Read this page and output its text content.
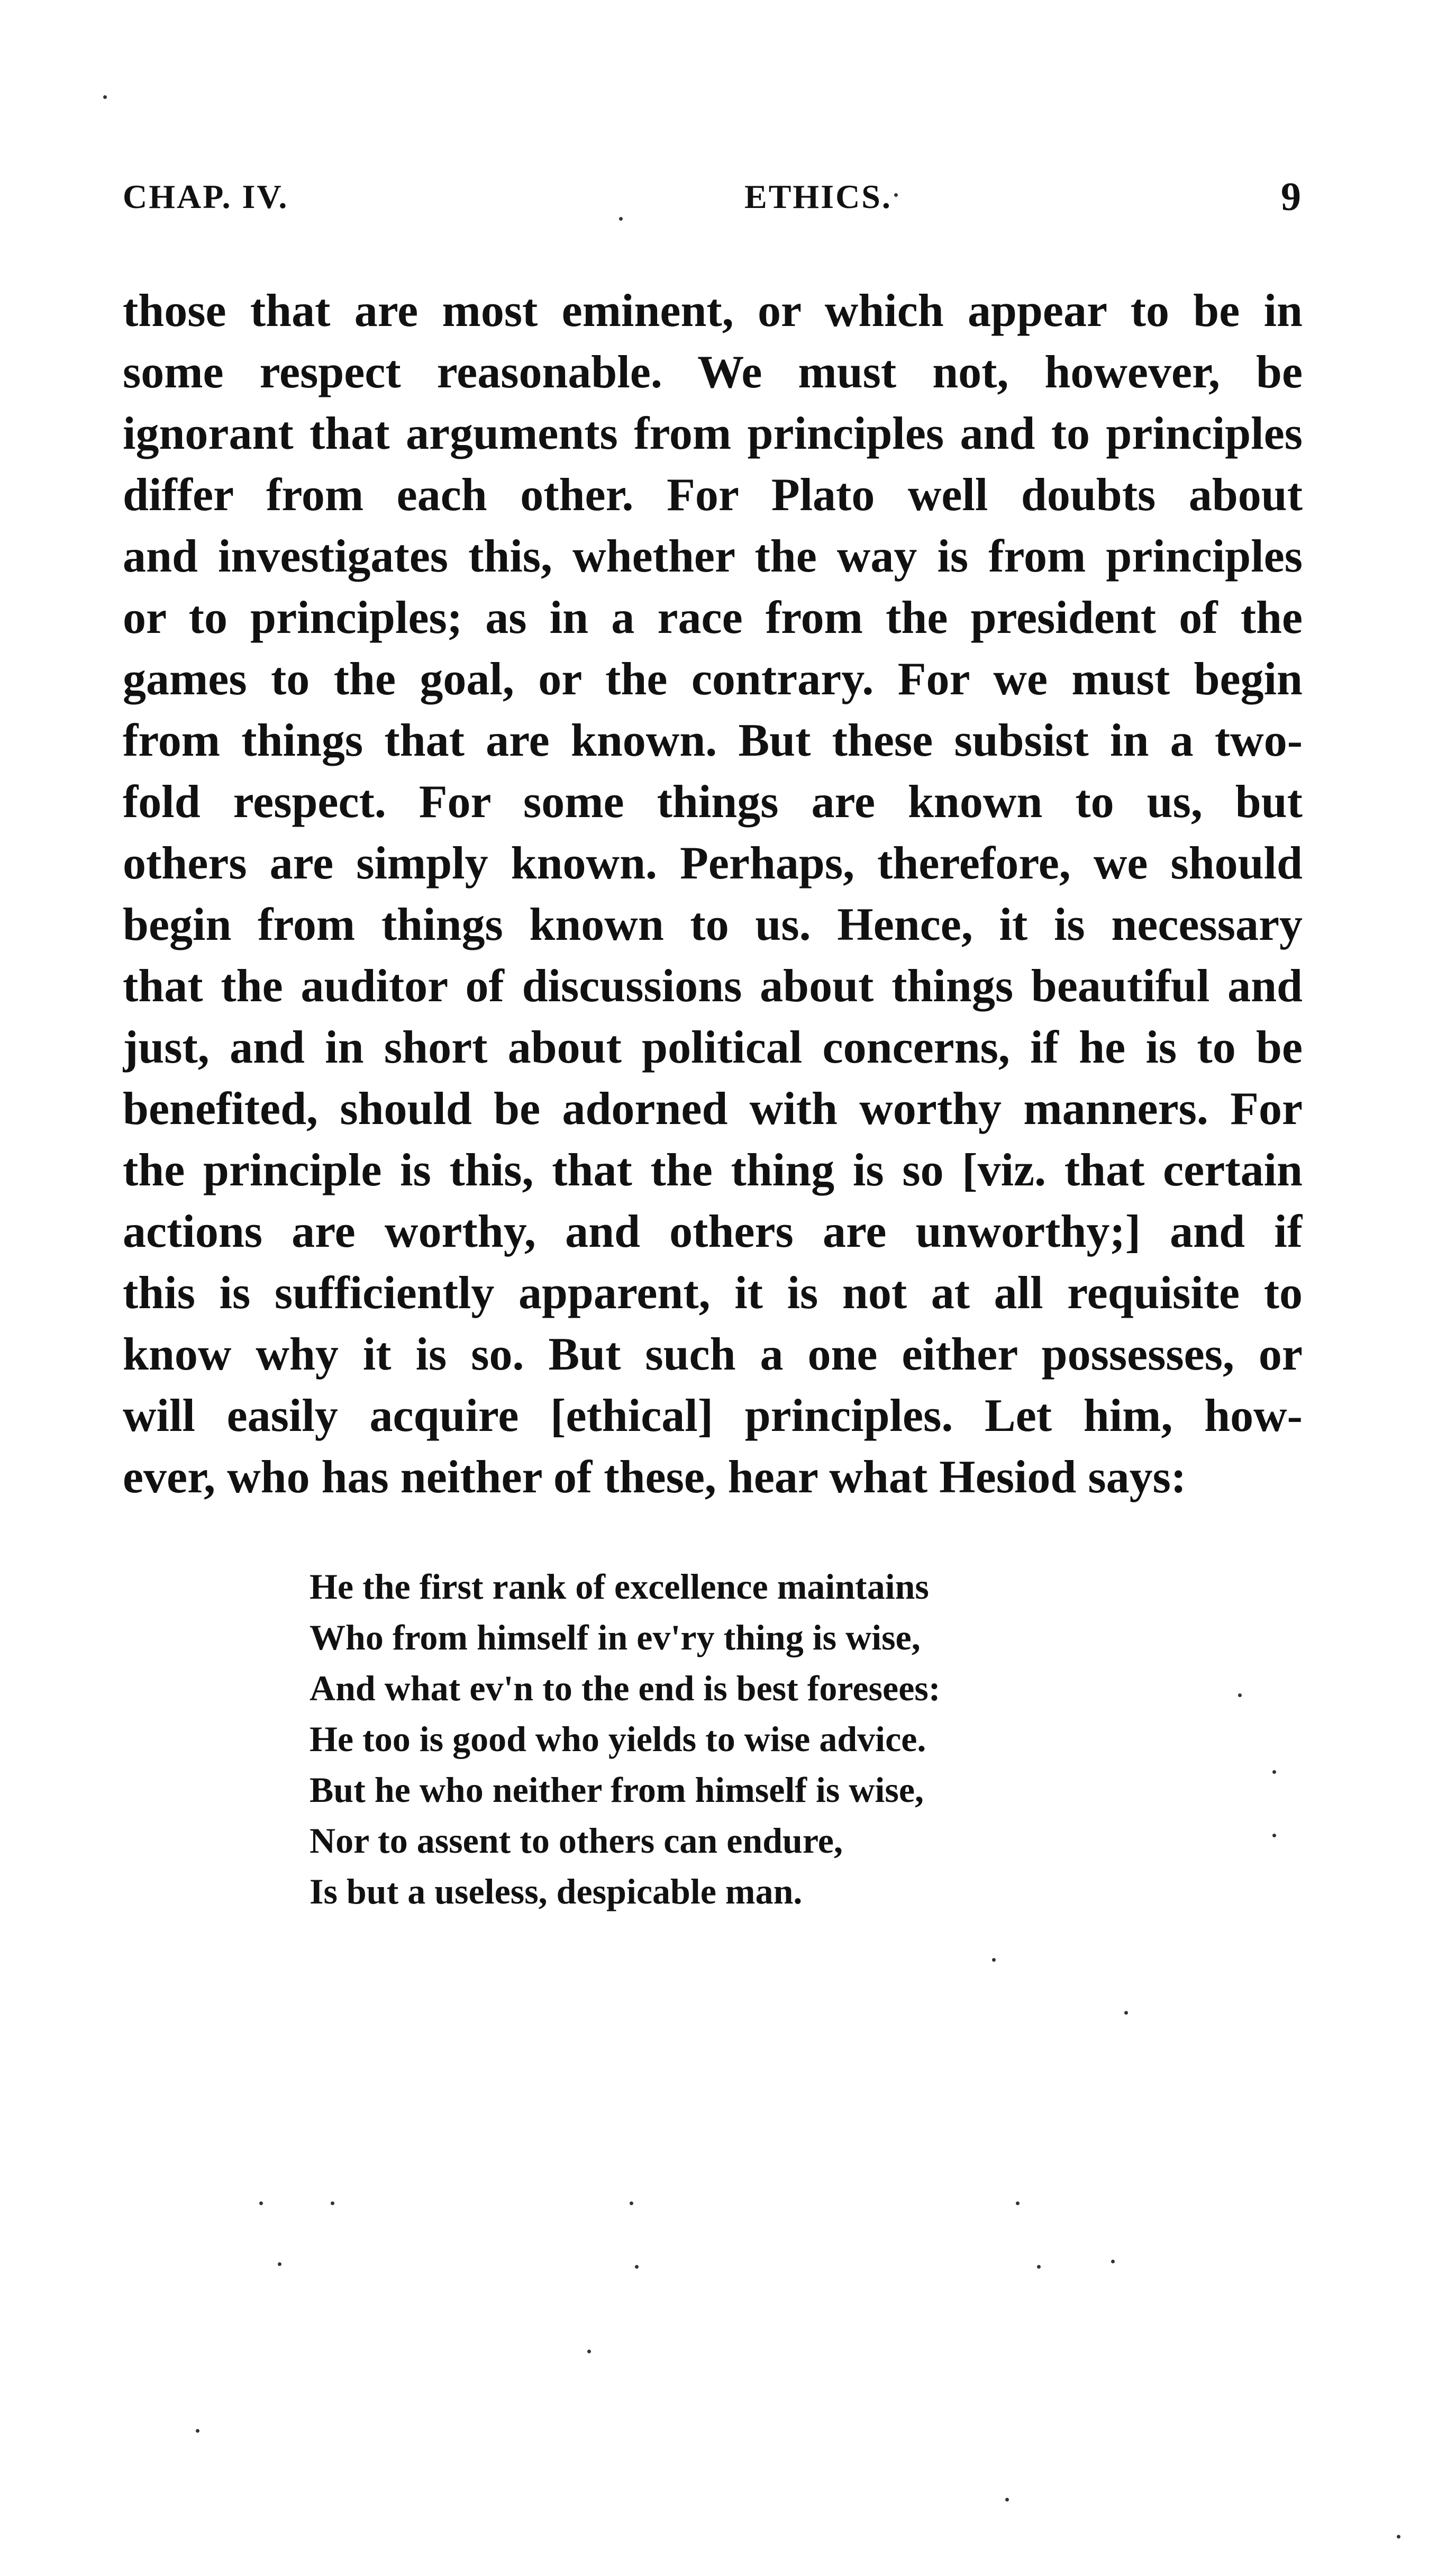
CHAP. IV.	ETHICS.	9
those that are most eminent, or which appear to be in
some respect reasonable. We must not, however, be
ignorant that arguments from principles and to principles
differ from each other. For Plato well doubts about
and investigates this, whether the way is from principles
or to principles; as in a race from the president of the
games to the goal, or the contrary. For we must begin
from things that are known. But these subsist in a two-
fold respect. For some things are known to us, but
others are simply known. Perhaps, therefore, we should
begin from things known to us. Hence, it is necessary
that the auditor of discussions about things beautiful and
just, and in short about political concerns, if he is to be
benefited, should be adorned with worthy manners. For
the principle is this, that the thing is so [viz. that certain
actions are worthy, and others are unworthy;] and if
this is sufficiently apparent, it is not at all requisite to
know why it is so. But such a one either possesses, or
will easily acquire [ethical] principles. Let him, how-
ever, who has neither of these, hear what Hesiod says:
He the first rank of excellence maintains
Who from himself in ev'ry thing is wise,
And what ev'n to the end is best foresees:
He too is good who yields to wise advice.
But he who neither from himself is wise,
Nor to assent to others can endure,
Is but a useless, despicable man.
